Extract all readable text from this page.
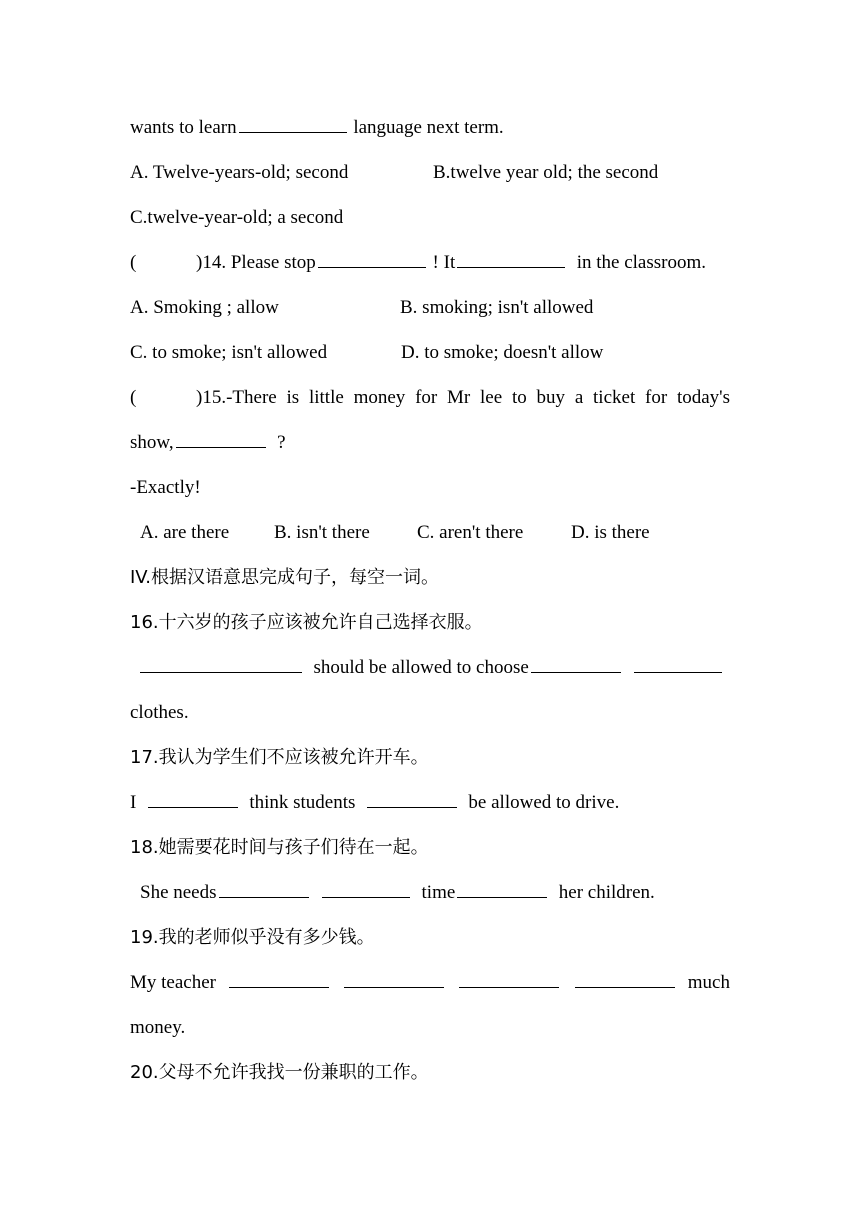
wants to learn	language next term.
A. Twelve-years-old; second	B.twelve year old; the second
C.twelve-year-old; a second
(	)14. Please stop	! It	in the classroom.
A. Smoking ; allow	B. smoking; isn't allowed
C. to smoke; isn't allowed	D. to smoke; doesn't allow
(	)15.-There is little money for Mr lee to buy a ticket for today's
show,	?
-Exactly!
A. are there B. isn't there C. aren't there	D. is there
IV.根据汉语意思完成句子，每空一词。
16.十六岁的孩子应该被允许自己选择衣服。
should be allowed to choose
clothes.
17.我认为学生们不应该被允许开车。
I	think students	be allowed to drive.
18.她需要花时间与孩子们待在一起。
She needs	time	her children.
19.我的老师似乎没有多少钱。
My teacher	much
money.
20.父母不允许我找一份兼职的工作。
